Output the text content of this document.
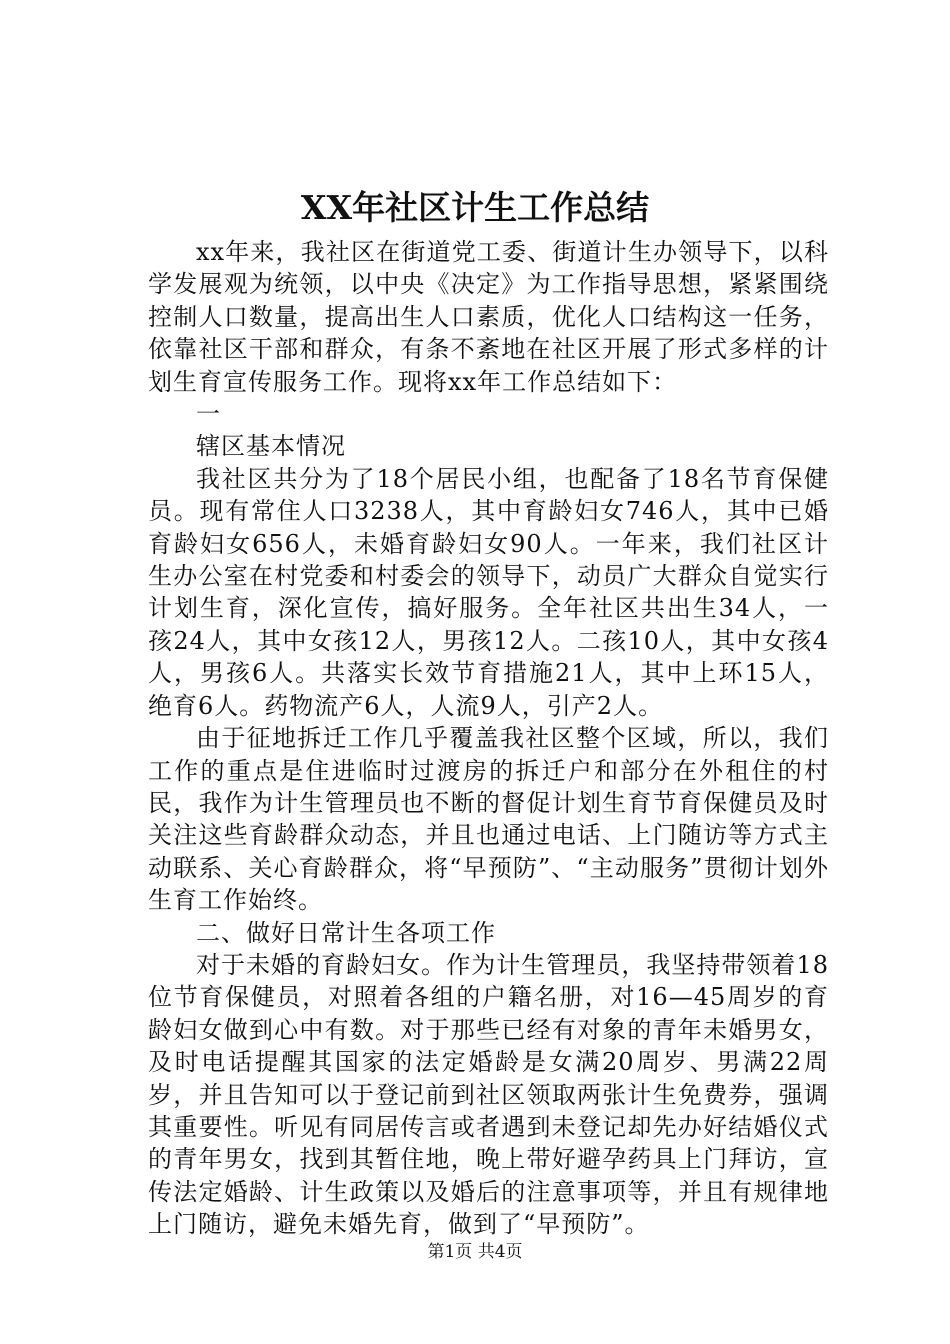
XX年社区计生工作总结

xx年来，我社区在街道党工委、街道计生办领导下，以科学发展观为统领，以中央《决定》为工作指导思想，紧紧围绕控制人口数量，提高出生人口素质，优化人口结构这一任务，依靠社区干部和群众，有条不紊地在社区开展了形式多样的计划生育宣传服务工作。现将xx年工作总结如下：

一

辖区基本情况

我社区共分为了18个居民小组，也配备了18名节育保健员。现有常住人口3238人，其中育龄妇女746人，其中已婚育龄妇女656人，未婚育龄妇女90人。一年来，我们社区计生办公室在村党委和村委会的领导下，动员广大群众自觉实行计划生育，深化宣传，搞好服务。全年社区共出生34人，一孩24人，其中女孩12人，男孩12人。二孩10人，其中女孩4人，男孩6人。共落实长效节育措施21人，其中上环15人，绝育6人。药物流产6人，人流9人，引产2人。

由于征地拆迁工作几乎覆盖我社区整个区域，所以，我们工作的重点是住进临时过渡房的拆迁户和部分在外租住的村民，我作为计生管理员也不断的督促计划生育节育保健员及时关注这些育龄群众动态，并且也通过电话、上门随访等方式主动联系、关心育龄群众，将“早预防”、“主动服务”贯彻计划外生育工作始终。

二、做好日常计生各项工作

对于未婚的育龄妇女。作为计生管理员，我坚持带领着18位节育保健员，对照着各组的户籍名册，对16—45周岁的育龄妇女做到心中有数。对于那些已经有对象的青年未婚男女，及时电话提醒其国家的法定婚龄是女满20周岁、男满22周岁，并且告知可以于登记前到社区领取两张计生免费券，强调其重要性。听见有同居传言或者遇到未登记却先办好结婚仪式的青年男女，找到其暂住地，晚上带好避孕药具上门拜访，宣传法定婚龄、计生政策以及婚后的注意事项等，并且有规律地上门随访，避免未婚先育，做到了“早预防”。

第1页 共4页
